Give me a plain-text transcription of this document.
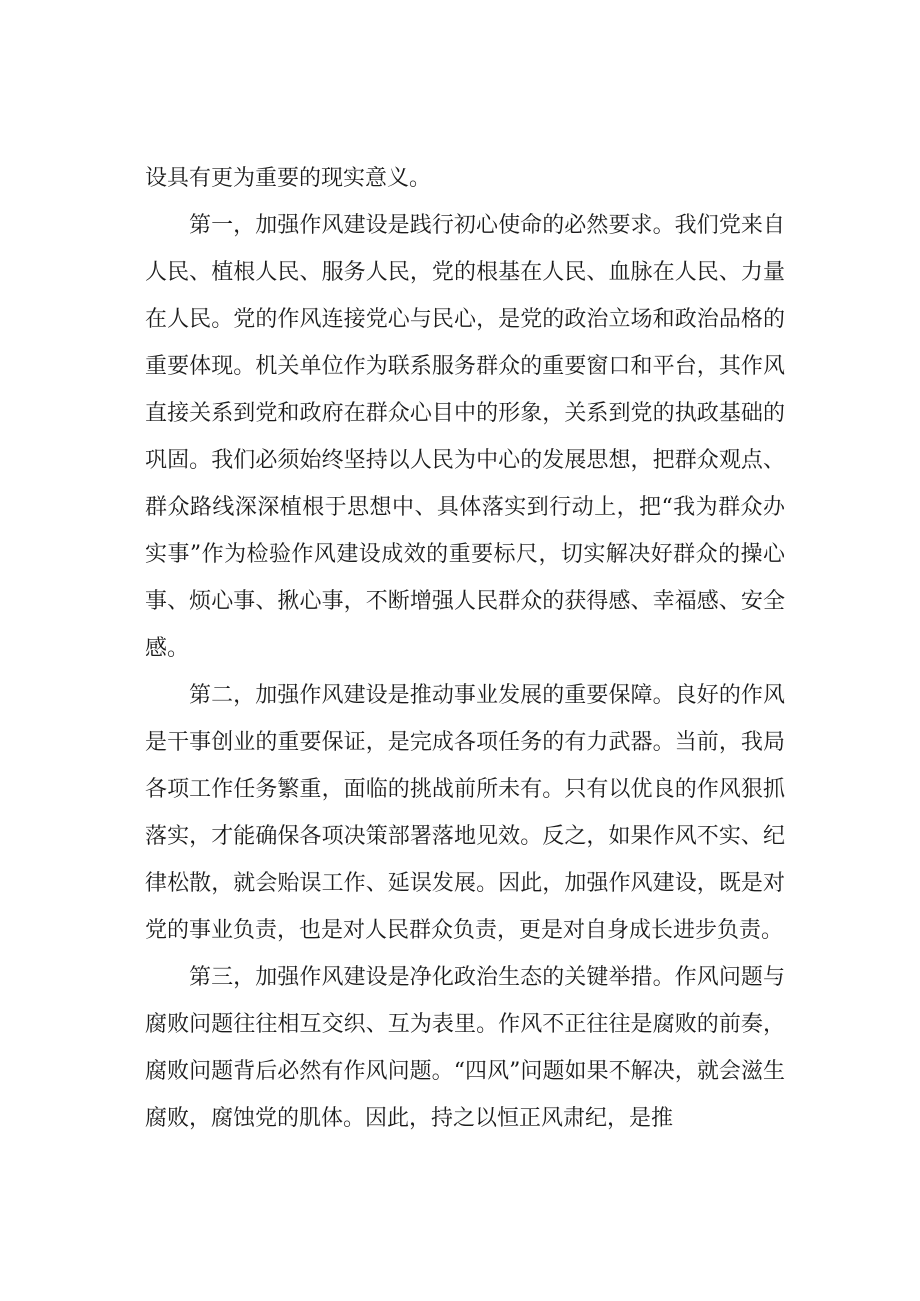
设具有更为重要的现实意义。

第一，加强作风建设是践行初心使命的必然要求。我们党来自人民、植根人民、服务人民，党的根基在人民、血脉在人民、力量在人民。党的作风连接党心与民心，是党的政治立场和政治品格的重要体现。机关单位作为联系服务群众的重要窗口和平台，其作风直接关系到党和政府在群众心目中的形象，关系到党的执政基础的巩固。我们必须始终坚持以人民为中心的发展思想，把群众观点、群众路线深深植根于思想中、具体落实到行动上，把“我为群众办实事”作为检验作风建设成效的重要标尺，切实解决好群众的操心事、烦心事、揪心事，不断增强人民群众的获得感、幸福感、安全感。

第二，加强作风建设是推动事业发展的重要保障。良好的作风是干事创业的重要保证，是完成各项任务的有力武器。当前，我局各项工作任务繁重，面临的挑战前所未有。只有以优良的作风狠抓落实，才能确保各项决策部署落地见效。反之，如果作风不实、纪律松散，就会贻误工作、延误发展。因此，加强作风建设，既是对党的事业负责，也是对人民群众负责，更是对自身成长进步负责。

第三，加强作风建设是净化政治生态的关键举措。作风问题与腐败问题往往相互交织、互为表里。作风不正往往是腐败的前奏，腐败问题背后必然有作风问题。“四风”问题如果不解决，就会滋生腐败，腐蚀党的肌体。因此，持之以恒正风肃纪，是推
